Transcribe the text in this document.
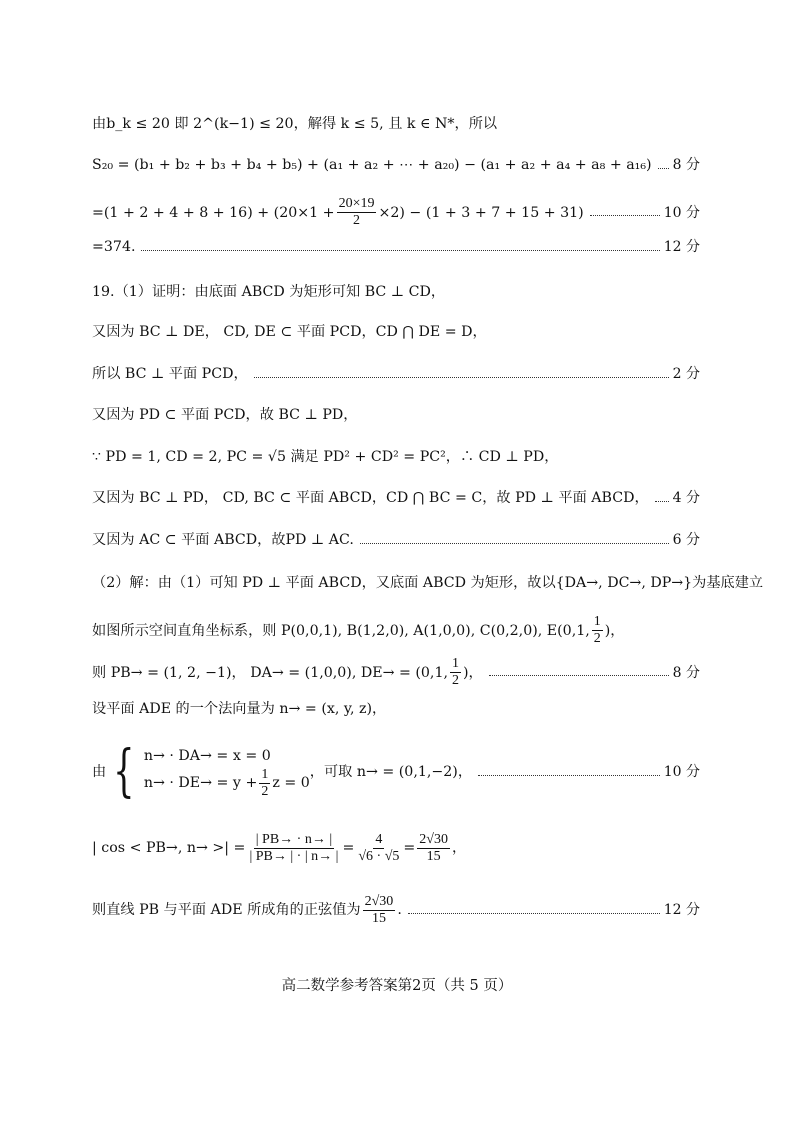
由b_k ≤ 20 即 2^(k−1) ≤ 20，解得 k ≤ 5, 且 k ∈ N*，所以
S₂₀ = (b₁ + b₂ + b₃ + b₄ + b₅) + (a₁ + a₂ + ⋯ + a₂₀) − (a₁ + a₂ + a₄ + a₈ + a₁₆) 8 分
$=(1 + 2 + 4 + 8 + 16) + (20\times 1 + \frac{20\times 19}{2} \times 2) - (1 + 3 + 7 + 15 + 31)$	10 分
=374.	12 分
19.（1）证明：由底面 ABCD 为矩形可知 BC ⊥ CD，
又因为 BC ⊥ DE， CD, DE ⊂ 平面 PCD，CD ⋂ DE = D，
所以 BC ⊥ 平面 PCD，	2 分
又因为 PD ⊂ 平面 PCD，故 BC ⊥ PD，
∵ PD = 1, CD = 2, PC = √5 满足 PD² + CD² = PC²，∴ CD ⊥ PD，
又因为 BC ⊥ PD， CD, BC ⊂ 平面 ABCD，CD ⋂ BC = C，故 PD ⊥ 平面 ABCD， 4 分
又因为 AC ⊂ 平面 ABCD，故PD ⊥ AC.	6 分
（2）解：由（1）可知 PD ⊥ 平面 ABCD，又底面 ABCD 为矩形，故以{DA→, DC→, DP→}为基底建立
如图所示空间直角坐标系，则 P(0,0,1), B(1,2,0), A(1,0,0), C(0,2,0), E(0,1, $\frac{1}{2}$ )，
则 PB→ = (1, 2, −1)， DA→ = (1,0,0), DE→ = (0,1, $\frac{1}{2}$ )，	8 分
设平面 ADE 的一个法向量为 n→ = (x, y, z)，
由 { n→ · DA→ = x = 0
$n\to \cdot DE\to = y + \frac{1}{2}$ z = 0
，可取 n→ = (0,1,−2)，	10 分
| cos < PB→, n→ >| = $\frac{| PB\to \cdot n\to |}{| PB\to | \cdot | n\to |} = \frac{4}{√6 \cdot √5} = \frac{2√30}{15}$ ，
则直线 PB 与平面 ADE 所成角的正弦值为 $\frac{2√30}{15}$ .	12 分
高二数学参考答案第2页（共 5 页）
